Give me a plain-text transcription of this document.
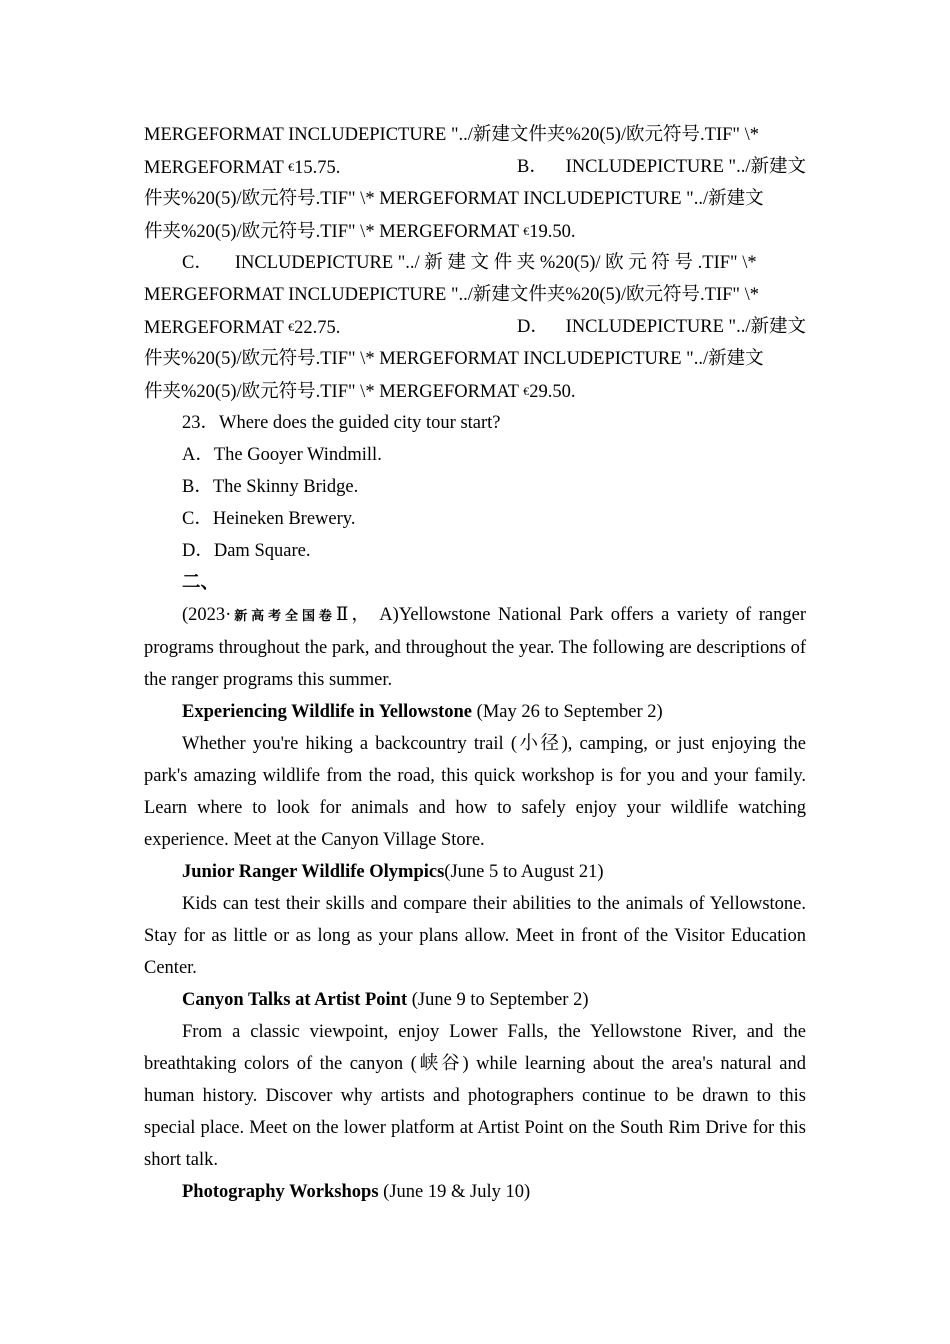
MERGEFORMAT INCLUDEPICTURE "../新建文件夹%20(5)/欧元符号.TIF" \*
MERGEFORMAT €15.75.	B． INCLUDEPICTURE "../新建文
件夹%20(5)/欧元符号.TIF" \* MERGEFORMAT INCLUDEPICTURE "../新建文
件夹%20(5)/欧元符号.TIF" \* MERGEFORMAT €19.50.
C． INCLUDEPICTURE "../ 新 建 文 件 夹 %20(5)/ 欧 元 符 号 .TIF" \*
MERGEFORMAT INCLUDEPICTURE "../新建文件夹%20(5)/欧元符号.TIF" \*
MERGEFORMAT €22.75.	D． INCLUDEPICTURE "../新建文
件夹%20(5)/欧元符号.TIF" \* MERGEFORMAT INCLUDEPICTURE "../新建文
件夹%20(5)/欧元符号.TIF" \* MERGEFORMAT €29.50.
23．Where does the guided city tour start?
A．The Gooyer Windmill.
B．The Skinny Bridge.
C．Heineken Brewery.
D．Dam Square.
二、

(2023·新高考全国卷Ⅱ， A)Yellowstone National Park offers a variety of ranger programs throughout the park, and throughout the year. The following are descriptions of the ranger programs this summer.

Experiencing Wildlife in Yellowstone (May 26 to September 2)

Whether you're hiking a backcountry trail (小径), camping, or just enjoying the park's amazing wildlife from the road, this quick workshop is for you and your family. Learn where to look for animals and how to safely enjoy your wildlife watching experience. Meet at the Canyon Village Store.

Junior Ranger Wildlife Olympics(June 5 to August 21)

Kids can test their skills and compare their abilities to the animals of Yellowstone. Stay for as little or as long as your plans allow. Meet in front of the Visitor Education Center.

Canyon Talks at Artist Point (June 9 to September 2)

From a classic viewpoint, enjoy Lower Falls, the Yellowstone River, and the breathtaking colors of the canyon (峡谷) while learning about the area's natural and human history. Discover why artists and photographers continue to be drawn to this special place. Meet on the lower platform at Artist Point on the South Rim Drive for this short talk.

Photography Workshops (June 19 & July 10)
